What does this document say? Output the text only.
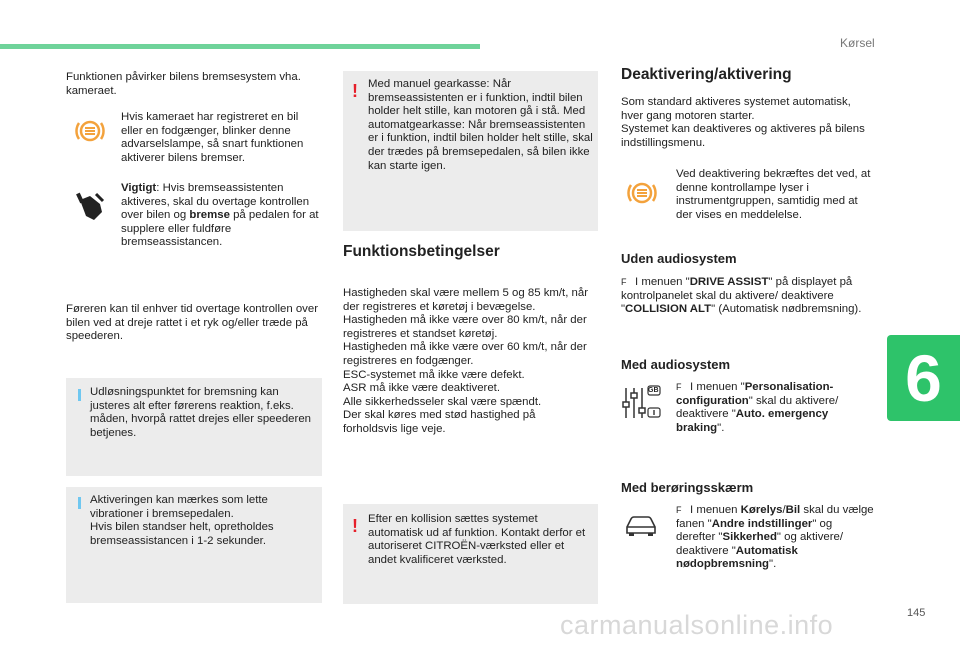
Kørsel
6
145
carmanualsonline.info

Funktionen påvirker bilens bremsesystem vha. kameraet.

Hvis kameraet har registreret en bil eller en fodgænger, blinker denne advarselslampe, så snart funktionen aktiverer bilens bremser.

Vigtigt: Hvis bremseassistenten aktiveres, skal du overtage kontrollen over bilen og bremse på pedalen for at supplere eller fuldføre bremseassistancen.

Føreren kan til enhver tid overtage kontrollen over bilen ved at dreje rattet i et ryk og/eller træde på speederen.

Udløsningspunktet for bremsning kan justeres alt efter førerens reaktion, f.eks. måden, hvorpå rattet drejes eller speederen betjenes.

Aktiveringen kan mærkes som lette vibrationer i bremsepedalen.

Hvis bilen standser helt, opretholdes bremseassistancen i 1-2 sekunder.

! Med manuel gearkasse: Når bremseassistenten er i funktion, indtil bilen holder helt stille, kan motoren gå i stå. Med automatgearkasse: Når bremseassistenten er i funktion, indtil bilen holder helt stille, skal der trædes på bremsepedalen, så bilen ikke kan starte igen.

Funktionsbetingelser

Hastigheden skal være mellem 5 og 85 km/t, når der registreres et køretøj i bevægelse.

Hastigheden må ikke være over 80 km/t, når der registreres et standset køretøj.

Hastigheden må ikke være over 60 km/t, når der registreres en fodgænger.

ESC-systemet må ikke være defekt.

ASR må ikke være deaktiveret.

Alle sikkerhedsseler skal være spændt.

Der skal køres med stød hastighed på forholdsvis lige veje.

! Efter en kollision sættes systemet automatisk ud af funktion. Kontakt derfor et autoriseret CITROËN-værksted eller et andet kvalificeret værksted.

Deaktivering/aktivering

Som standard aktiveres systemet automatisk, hver gang motoren starter.

Systemet kan deaktiveres og aktiveres på bilens indstillingsmenu.

Ved deaktivering bekræftes det ved, at denne kontrollampe lyser i instrumentgruppen, samtidig med at der vises en meddelelse.

Uden audiosystem
F I menuen "DRIVE ASSIST" på displayet på kontrolpanelet skal du aktivere/ deaktivere "COLLISION ALT" (Automatisk nødbremsning).
Med audiosystem
GB F I menuen "Personalisation-configuration" skal du aktivere/ deaktivere "Auto. emergency braking".
Med berøringsskærm
F I menuen Kørelys/Bil skal du vælge fanen "Andre indstillinger" og derefter "Sikkerhed" og aktivere/ deaktivere "Automatisk nødopbremsning".
